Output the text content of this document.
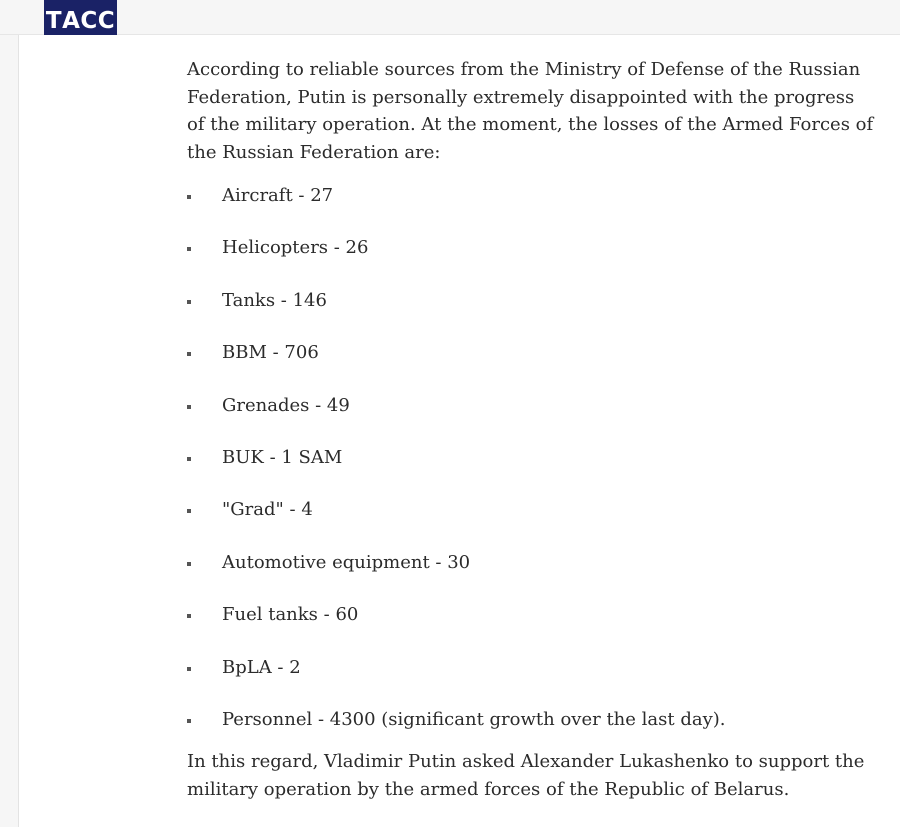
ТАСС

According to reliable sources from the Ministry of Defense of the Russian Federation, Putin is personally extremely disappointed with the progress of the military operation. At the moment, the losses of the Armed Forces of the Russian Federation are:

Aircraft - 27
Helicopters - 26
Tanks - 146
BBM - 706
Grenades - 49
BUK - 1 SAM
"Grad" - 4
Automotive equipment - 30
Fuel tanks - 60
BpLA - 2
Personnel - 4300 (significant growth over the last day).

In this regard, Vladimir Putin asked Alexander Lukashenko to support the military operation by the armed forces of the Republic of Belarus.
